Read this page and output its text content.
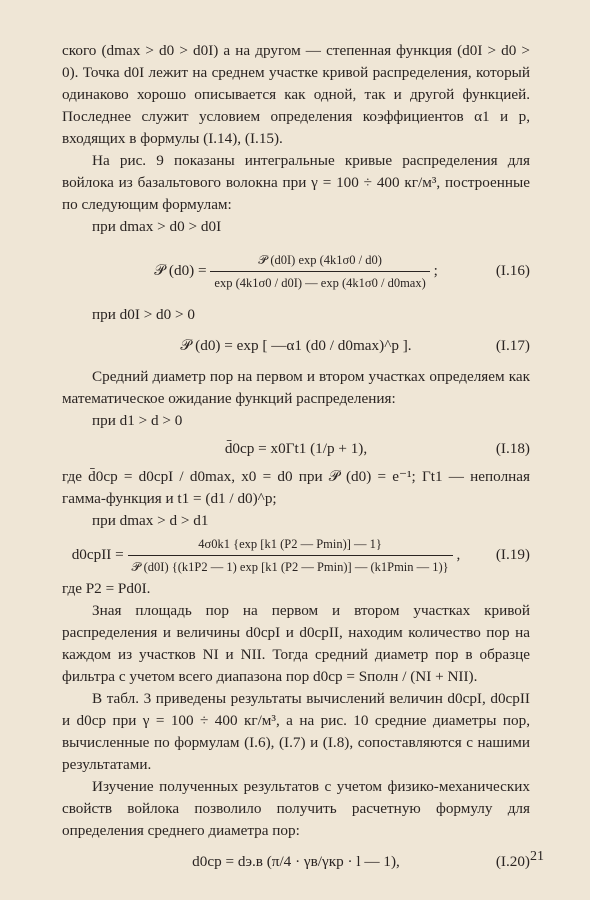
ского (dmax > d0 > d0I) а на другом — степенная функция (d0I > d0 > 0). Точка d0I лежит на среднем участке кривой распределения, который одинаково хорошо описывается как одной, так и другой функцией. Последнее служит условием определения коэффициентов α1 и p, входящих в формулы (I.14), (I.15).

На рис. 9 показаны интегральные кривые распределения для войлока из базальтового волокна при γ = 100 ÷ 400 кг/м³, построенные по следующим формулам:

при dmax > d0 > d0I

𝒫 $(d0) = \frac{\text{𝒫 (d0I) exp (4k1σ0 / d0)}}{\exp (4k1\sigma 0 / d0I) — \exp (4k1\sigma 0 / d0\max)}$ ;	(I.16)

при d0I > d0 > 0

𝒫 (d0) = exp [ —α1 (d0 / d0max)^p ].	(I.17)

Средний диаметр пор на первом и втором участках определяем как математическое ожидание функций распределения:

при d1 > d > 0

d̄0ср = x0Γt1 (1/p + 1),	(I.18)

где d̄0ср = d0срI / d0max, x0 = d0 при 𝒫 (d0) = e⁻¹; Γt1 — неполная гамма-функция и t1 = (d1 / d0)^p;

при dmax > d > d1

d0срII = $\frac{4\sigma 0k1 \{\exp [k1 (P2 — Pmin)] — 1\}}{\text{𝒫 (d0I) \{(k1P2 — 1) exp [k1 (P2 — Pmin)] — (k1Pmin — 1)\}}}$ ,	(I.19)

где P2 = Pd0I.

Зная площадь пор на первом и втором участках кривой распределения и величины d0срI и d0срII, находим количество пор на каждом из участков NI и NII. Тогда средний диаметр пор в образце фильтра с учетом всего диапазона пор d0ср = Sполн / (NI + NII).

В табл. 3 приведены результаты вычислений величин d0срI, d0срII и d0ср при γ = 100 ÷ 400 кг/м³, а на рис. 10 средние диаметры пор, вычисленные по формулам (I.6), (I.7) и (I.8), сопоставляются с нашими результатами.

Изучение полученных результатов с учетом физико-механических свойств войлока позволило получить расчетную формулу для определения среднего диаметра пор:

d0ср = dэ.в (π/4 · γв/γкр · l — 1),	(I.20) 21
